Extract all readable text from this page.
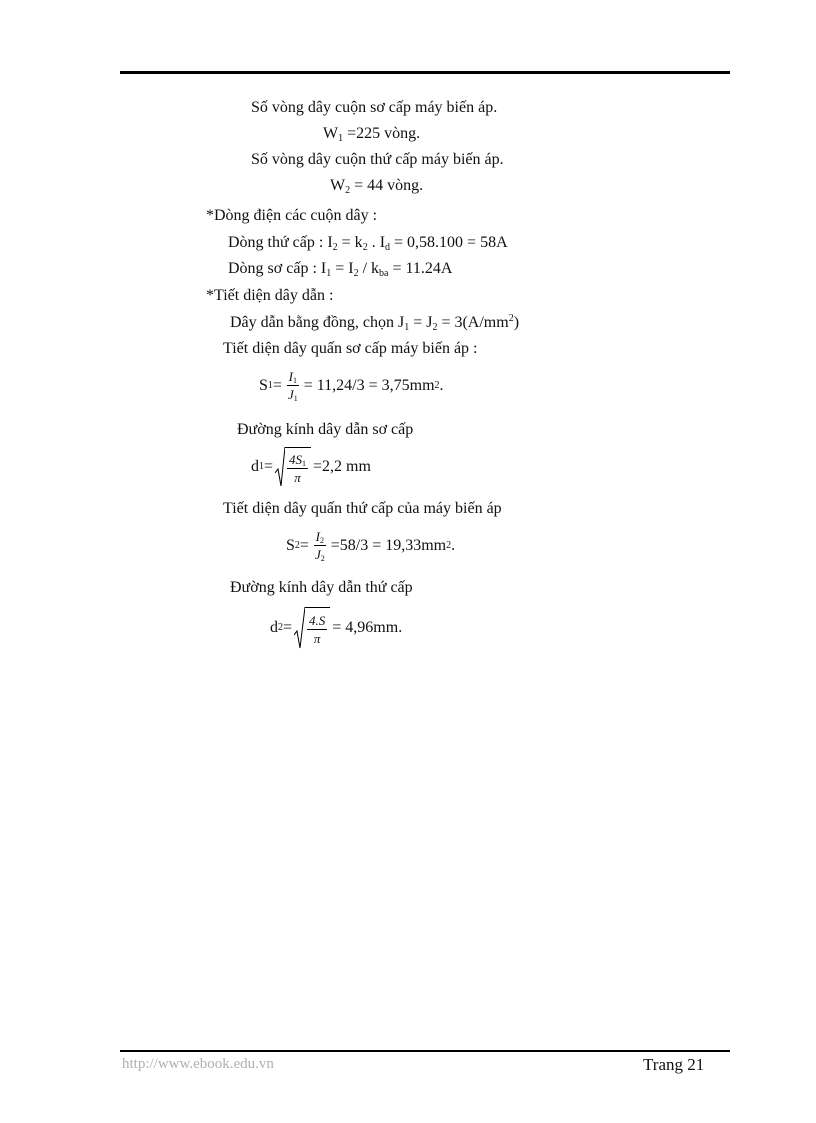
Số vòng dây cuộn sơ cấp máy biến áp.
$W_1 =225$ vòng.
Số vòng dây cuộn thứ cấp máy biến áp.
$W_2 = 44$ vòng.
*Dòng điện các cuộn dây :
Dòng thứ cấp : $I_2 = k_2$ . $I_d = 0,58.100 = 58A$
Dòng sơ cấp : $I_1 = I_2 / k_{ba} = 11.24A$
*Tiết diện dây dẫn :
Dây dẫn bằng đồng, chọn $J_1 = J_2 = 3(A/mm^2)$
Tiết diện dây quấn sơ cấp máy biến áp :
S $1 = \frac{I_1}{J_1} = 11,24/3 = 3,75mm$ 2 .
Đường kính dây dẫn sơ cấp
d $1 = \frac{4S_1}{\pi} =2,2$ mm
Tiết diện dây quấn thứ cấp của máy biến áp
S $2 = \frac{I_2}{J_2} =58/3 = 19,33mm$ 2 .
Đường kính dây dẫn thứ cấp
d $2 = \frac{4.S}{\pi} = 4,96mm$.
http://www.ebook.edu.vn	Trang 21
